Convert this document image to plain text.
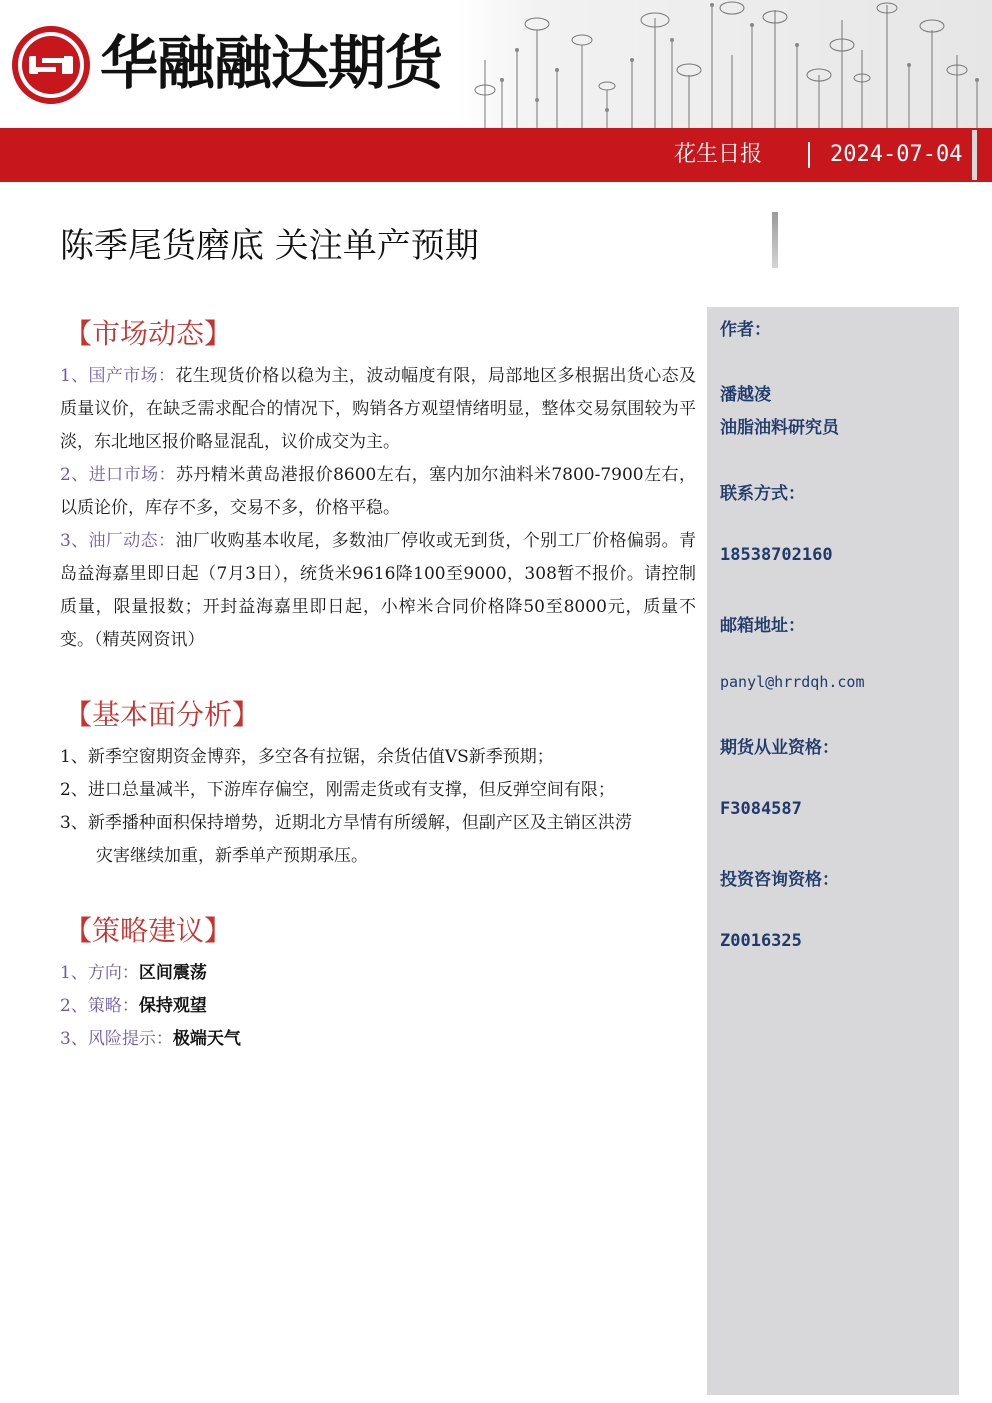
华融融达期货
花生日报	2024-07-04
陈季尾货磨底 关注单产预期
作者：
潘越凌
油脂油料研究员
联系方式：
18538702160
邮箱地址：
panyl@hrrdqh.com
期货从业资格：
F3084587
投资咨询资格：
Z0016325
【市场动态】
1、国产市场：花生现货价格以稳为主，波动幅度有限，局部地区多根据出货心态及质量议价，在缺乏需求配合的情况下，购销各方观望情绪明显，整体交易氛围较为平淡，东北地区报价略显混乱，议价成交为主。
2、进口市场：苏丹精米黄岛港报价8600左右，塞内加尔油料米7800-7900左右，以质论价，库存不多，交易不多，价格平稳。
3、油厂动态：油厂收购基本收尾，多数油厂停收或无到货，个别工厂价格偏弱。青岛益海嘉里即日起（7月3日），统货米9616降100至9000，308暂不报价。请控制质量，限量报数；开封益海嘉里即日起，小榨米合同价格降50至8000元，质量不变。（精英网资讯）
【基本面分析】
1、新季空窗期资金博弈，多空各有拉锯，余货估值VS新季预期；
2、进口总量减半，下游库存偏空，刚需走货或有支撑，但反弹空间有限；
3、新季播种面积保持增势，近期北方旱情有所缓解，但副产区及主销区洪涝
灾害继续加重，新季单产预期承压。
【策略建议】
1、方向：区间震荡
2、策略：保持观望
3、风险提示：极端天气
